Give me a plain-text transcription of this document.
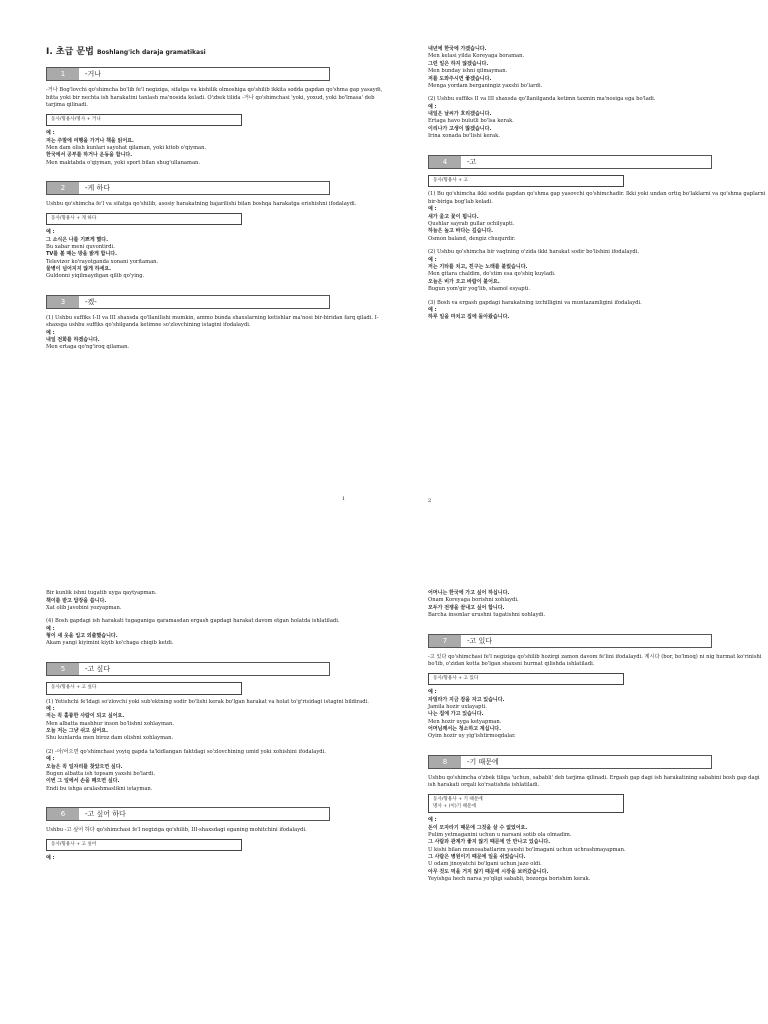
I. 초급 문법 Boshlang'ich daraja gramatikasi
1	-거나

-거나 Bog'lovchi qo'shimcha bo'lib fe'l negiziga, sifatga va kishilik olmoshiga qo'shilib ikkita sodda gapdan qo'shma gap yasaydi, bitta yoki bir nechta ish harakatini tanlash ma'nosida keladi. O'zbek tilida -거나 qo'shimchasi 'yoki, yoxud, yoki bo'lmasa' deb tarjima qilinadi.

동사/형용사/명사 + 거나

예 :

저는 주말에 여행을 가거나 책을 읽어요.

Men dam olish kunlari sayohat qilaman, yoki kitob o'qiyman.

한국에서 공부를 하거나 운동을 합니다.

Men maktabda o'qiyman, yoki sport bilan shug'ullanaman.

2	-게 하다

Ushbu qo'shimcha fe'l va sifatga qo'shilib, asosiy harakatning bajarilishi bilan boshqa harakatga erishishni ifodalaydi.

동사/형용사 + 게 하다

예 :

그 소식은 나를 기쁘게 했다.

Bu xabar meni quvontirdi.

TV를 볼 때는 방을 밝게 합니다.

Televizor ko'rayotganda xonani yoritaman.

물병이 넘어지지 않게 하세요.

Guldonni yiqilmaydigan qilib qo'ying.

3	-겠-

(1) Ushbu suffiks I-II va III shaxsda qo'llanilishi mumkin, ammo bunda shaxslarning ketishlar ma'nosi bir-biridan farq qiladi. I-shaxsga ushbu suffiks qo'shilganda ketimne so'zlovchining istagini ifodalaydi.

예 :

내일 전화를 하겠습니다.

Men ertaga qo'ng'iroq qilaman.

1

내년에 한국에 가겠습니다.

Men kelasi yilda Koreyaga boraman.

그런 일은 하지 않겠습니다.

Men bunday ishni qilmayman.

저를 도와주시면 좋겠습니다.

Menga yordam berganingiz yaxshi bo'lardi.

(2) Ushbu suffiks II va III shaxsda qo'llanilganda ketimn taxmin ma'nosiga ega bo'ladi.

예 :

내일은 날씨가 흐리겠습니다.

Ertaga havo bulutli bo'lsa kerak.

이리나가 고생이 많겠습니다.

Irina xonada bo'lishi kerak.

4	-고
동사/형용사 + 고

(1) Bu qo'shimcha ikki sodda gapdan qo'shma gap yasovchi qo'shimchadir. Ikki yoki undan ortiq bo'laklarni va qo'shma gaplarni bir-biriga bog'lab keladi.

예 :

새가 울고 꽃이 핍니다.

Qushlar sayrab gullar ochilyapti.

하늘은 높고 바다는 깊습니다.

Osmon baland, dengiz chuqurdir.

(2) Ushbu qo'shimcha bir vaqtning o'zida ikki harakat sodir bo'lishini ifodalaydi.

예 :

저는 기타를 치고, 친구는 노래를 불렀습니다.

Men gitara chaldim, do'stim esa qo'shiq kuyladi.

오늘은 비가 오고 바람이 불어요.

Bugun yom'gir yog'lib, shamol esyapti.

(3) Bosh va ergash gapdagi harakatning izchilligini va muntazamligini ifodalaydi.

예 :

하루 일을 마치고 집에 돌아왔습니다.

2

Bir kunlik ishni tugatib uyga qaytyapman.

책이를 받고 답장을 씁니다.

Xat olib javobini yozyapman.

(4) Bosh gapdagi ish harakati tugaganiga qaramasdan ergash gapdagi harakat davom etgan holatda ishlatiladi.

예 :

형이 새 옷을 입고 외출했습니다.

Akam yangi kiyimini kiyib ko'chaga chiqib ketdi.

5	-고 싶다
동사/형용사 + 고 싶다

(1) Yetishchi fe'ldagi so'zlovchi yoki sub'ektning sodir bo'lishi kerak bo'lgan harakat va holat to'g'risidagi istagini bildiradi.

예 :

저는 꼭 훌륭한 사람이 되고 싶어요.

Men albatta mashhur inson bo'lishni xohlayman.

오늘 저는 그냥 쉬고 싶어요.

Shu kunlarda men biroz dam olishni xohlayman.

(2) -아/어으면 qo'shimchasi yoyiq gapda ta'kidlangan faktdagi so'zlovchining umid yoki xohishini ifodalaydi.

예 :

오늘은 꼭 일자리를 찾았으면 싶다.

Bugun albatta ish topsam yaxshi bo'lardi.

이번 그 일에서 손을 떼으면 싶다.

Endi bu ishga aralashmaslikni istayman.

6	-고 싶어 하다

Ushbu -고 싶어 하다 qo'shimchasi fe'l negiziga qo'shilib, III-shaxsdagi eganing mohitchini ifodalaydi.

동사/형용사 + 고 싶어

예 :

어머니는 한국에 가고 싶어 하십니다.

Onam Koreyaga borishni xohlaydi.

모두가 전쟁을 끝내고 싶어 합니다.

Barcha insonlar urushni tugatishni xohlaydi.

7	-고 있다

-고 있다 qo'shimchasi fe'l negiziga qo'shilib hozirgi zamon davom fe'lini ifodalaydi. 계시다 (bor, bo'lmoq) ni nig hurmat ko'rinishi bo'lib, o'zidan kotta bo'lgan shaxsni hurmat qilishda ishlatiladi.

동사/형용사 + 고 있다

예 :

자밀라가 지금 잠을 자고 있습니다.

Jamila hozir uxlayapti.

나는 집에 가고 있습니다.

Men hozir uyga ketyapman.

어머님께서는 청소하고 계십니다.

Oyim hozir uy yig'ishtirmoqdalar.

8	-기 때문에

Ushbu qo'shimcha o'zbek tiliga 'uchun, sababli' deb tarjima qilinadi. Ergash gap dagi ish harakatining sababini bosh gap dagi ish harakati orqali ko'rsatishda ishlatiladi.

동사/형용사 + 기 때문에
명사 + (이)기 때문에

예 :

돈이 모자라기 때문에 그것을 살 수 없었어요.

Pulim yetmaganini uchun u narsani sotib ola olmadim.

그 사람과 관계가 좋지 않기 때문에 안 만나고 있습니다.

U kishi bilan munosabatlarim yaxshi bo'lmagani uchun uchrashmayapman.

그 사람은 병원이기 때문에 일을 쉬었습니다.

U odam jinoyatchi bo'lgani uchun jazo oldi.

아무 것도 먹을 거지 않기 때문에 시장을 보러갔습니다.

Yeyishga hech narsa yo'qligi sababli, bozorga borishim kerak.
